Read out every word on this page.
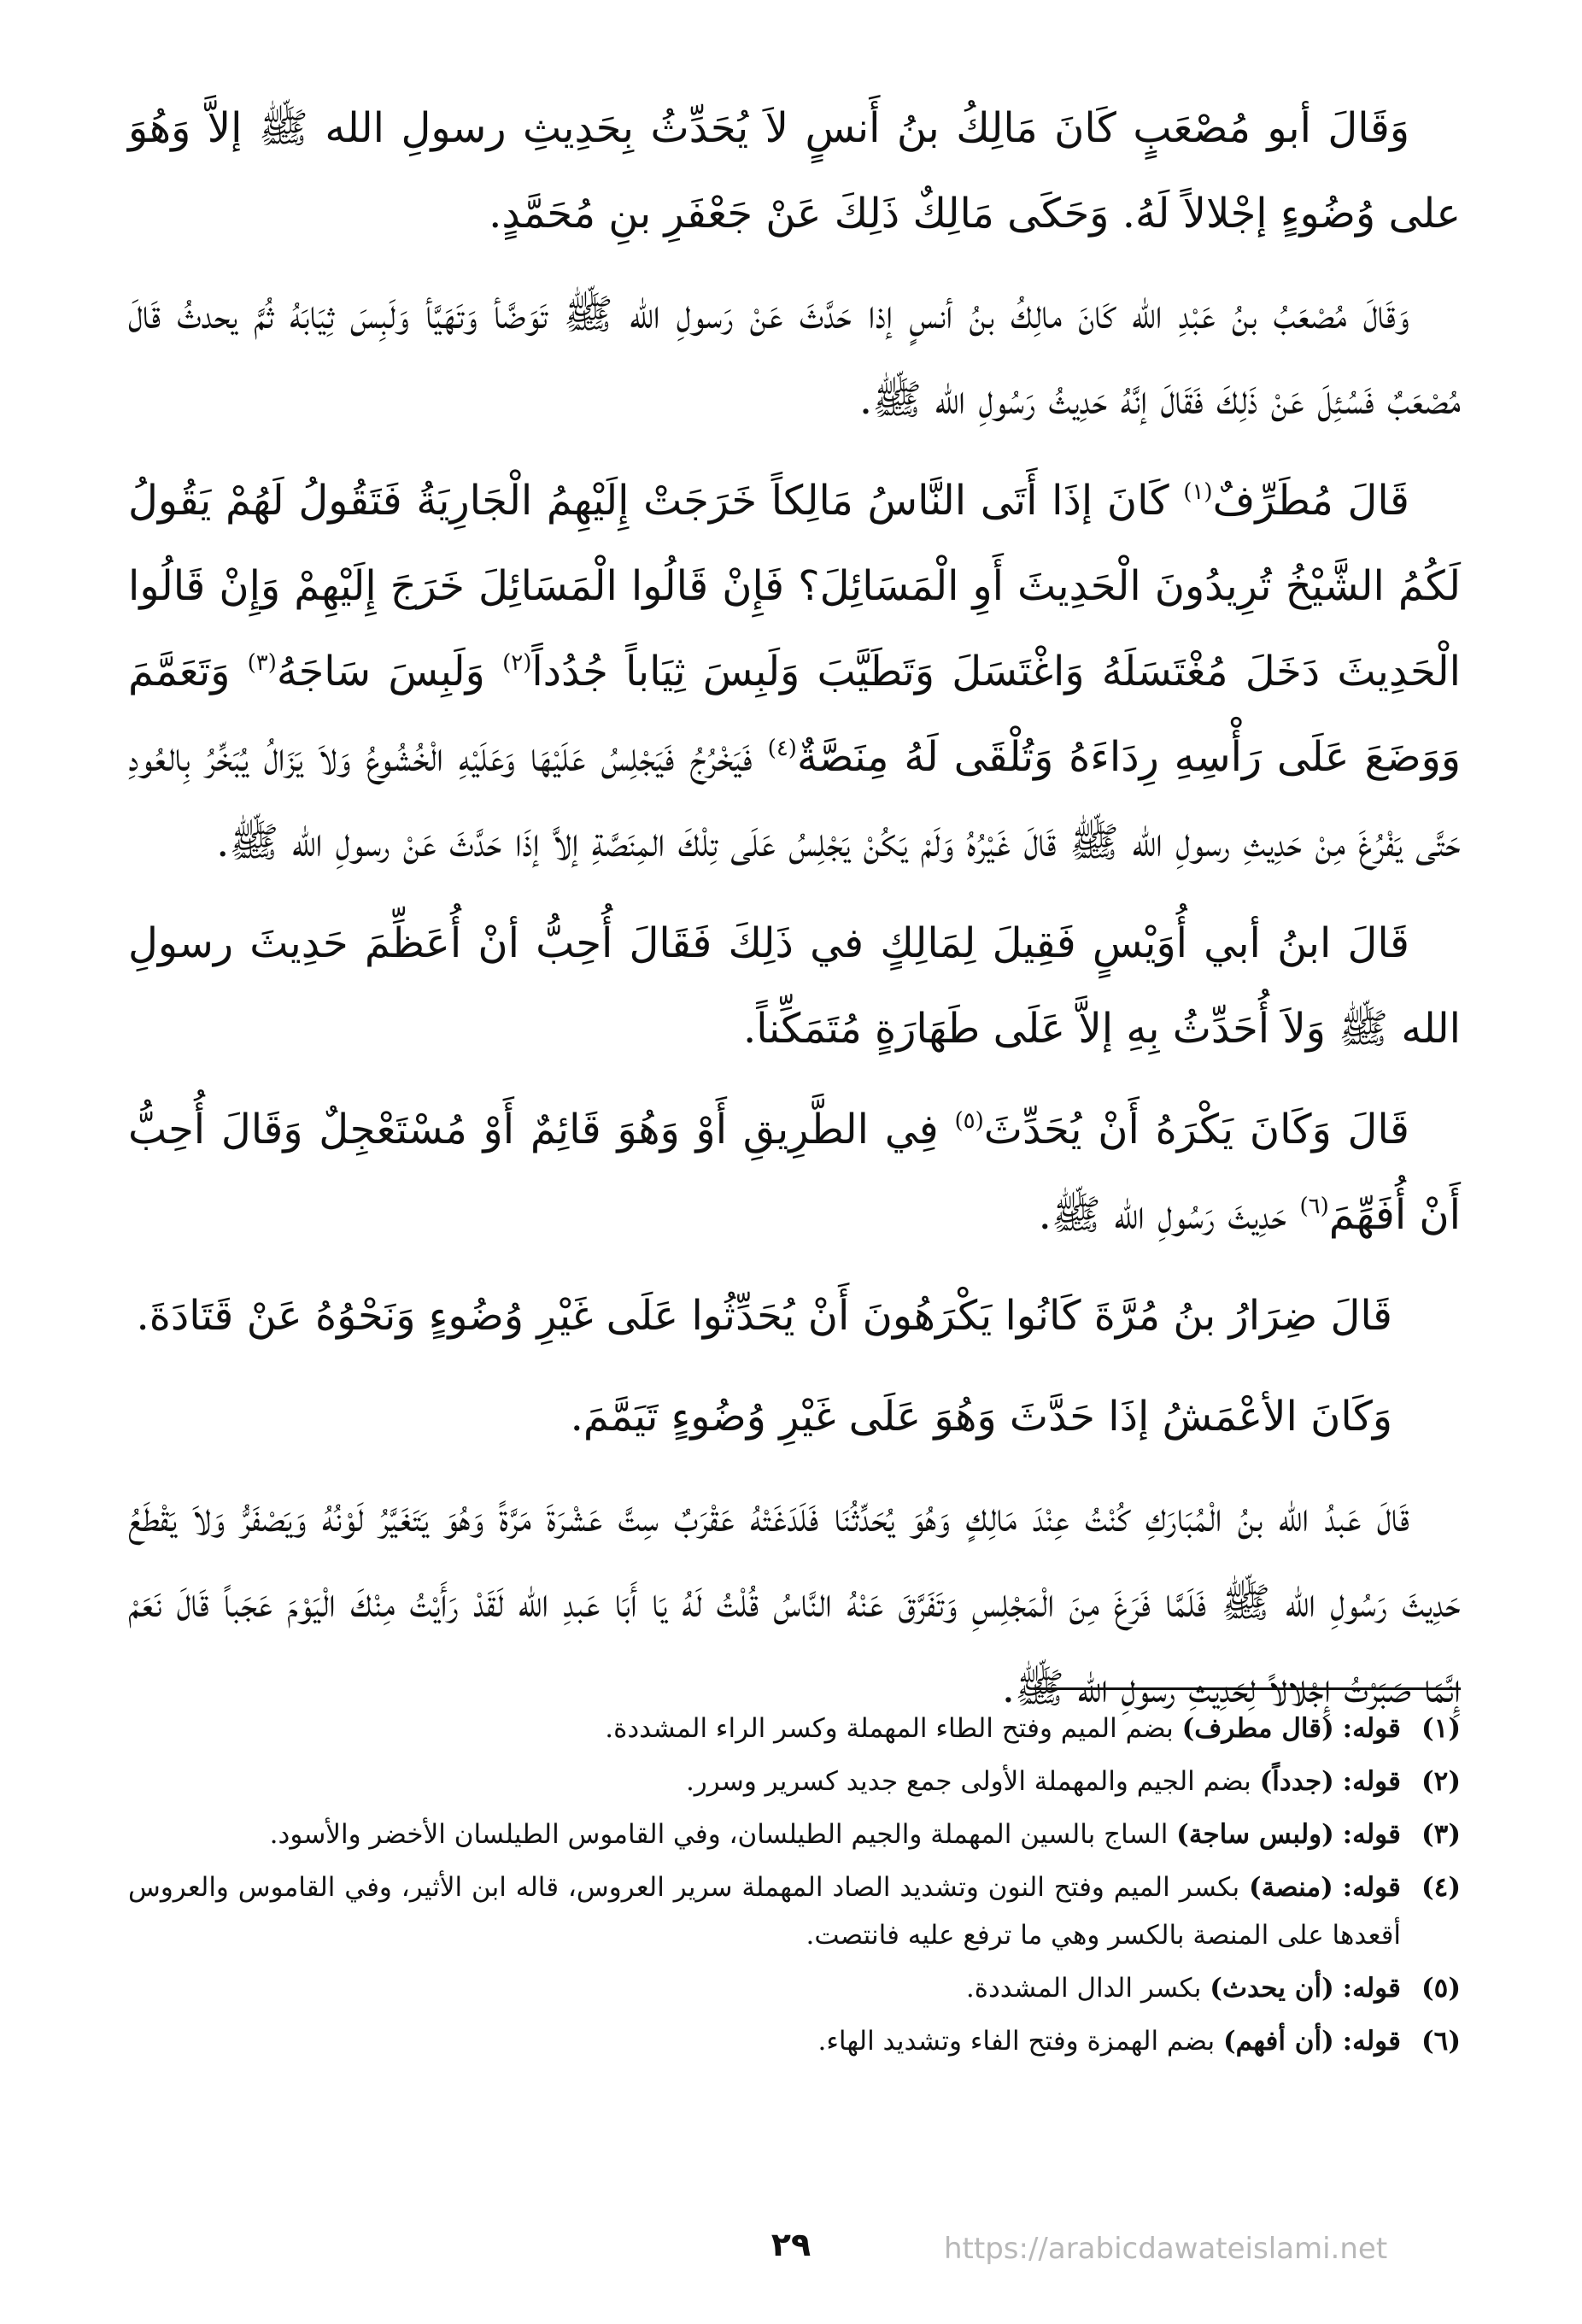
وَقَالَ أبو مُصْعَبٍ كَانَ مَالِكُ بنُ أَنسٍ لاَ يُحَدِّثُ بِحَدِيثِ رسولِ الله ﷺ إلاَّ وَهُوَ على وُضُوءٍ إجْلالاً لَهُ. وَحَكَى مَالِكٌ ذَلِكَ عَنْ جَعْفَرِ بنِ مُحَمَّدٍ.

وَقَالَ مُصْعَبُ بنُ عَبْدِ الله كَانَ مالِكُ بنُ أنسٍ إذا حَدَّثَ عَنْ رَسولِ الله ﷺ تَوَضَّأ وَتَهَيَّأ وَلَبِسَ ثِيَابَهُ ثُمَّ يحدثُ قَالَ مُصْعَبٌ فَسُئِلَ عَنْ ذَلِكَ فَقَالَ إنَّهُ حَدِيثُ رَسُولِ الله ﷺ.

قَالَ مُطَرِّفٌ$^{(١)}$ كَانَ إذَا أَتَى النَّاسُ مَالِكاً خَرَجَتْ إِلَيْهِمُ الْجَارِيَةُ فَتَقُولُ لَهُمْ يَقُولُ لَكُمُ الشَّيْخُ تُرِيدُونَ الْحَدِيثَ أَوِ الْمَسَائِلَ؟ فَإِنْ قَالُوا الْمَسَائِلَ خَرَجَ إِلَيْهِمْ وَإِنْ قَالُوا الْحَدِيثَ دَخَلَ مُغْتَسَلَهُ وَاغْتَسَلَ وَتَطَيَّبَ وَلَبِسَ ثِيَاباً جُدُداً$^{(٢)}$ وَلَبِسَ سَاجَهُ$^{(٣)}$ وَتَعَمَّمَ وَوَضَعَ عَلَى رَأْسِهِ رِدَاءَهُ وَتُلْقَى لَهُ مِنَصَّةٌ$^{(٤)}$ فَيَخْرُجُ فَيَجْلِسُ عَلَيْهَا وَعَلَيْهِ الْخُشُوعُ وَلاَ يَزَالُ يُبَخِّرُ بِالعُودِ حَتَّى يَفْرُغَ مِنْ حَدِيثِ رسولِ الله ﷺ قَالَ غَيْرُهُ وَلَمْ يَكُنْ يَجْلِسُ عَلَى تِلْكَ المِنَصَّةِ إلاَّ إذَا حَدَّثَ عَنْ رسولِ الله ﷺ.

قَالَ ابنُ أبي أُوَيْسٍ فَقِيلَ لِمَالِكٍ في ذَلِكَ فَقَالَ أُحِبُّ أنْ أُعَظِّمَ حَدِيثَ رسولِ الله ﷺ وَلاَ أُحَدِّثُ بِهِ إلاَّ عَلَى طَهَارَةٍ مُتَمَكِّناً.

قَالَ وَكَانَ يَكْرَهُ أَنْ يُحَدِّثَ$^{(٥)}$ فِي الطَّرِيقِ أَوْ وَهُوَ قَائِمٌ أَوْ مُسْتَعْجِلٌ وَقَالَ أُحِبُّ أَنْ أُفَهِّمَ$^{(٦)}$ حَدِيثَ رَسُولِ الله ﷺ.

قَالَ ضِرَارُ بنُ مُرَّةَ كَانُوا يَكْرَهُونَ أَنْ يُحَدِّثُوا عَلَى غَيْرِ وُضُوءٍ وَنَحْوُهُ عَنْ قَتَادَةَ.

وَكَانَ الأعْمَشُ إذَا حَدَّثَ وَهُوَ عَلَى غَيْرِ وُضُوءٍ تَيَمَّمَ.

قَالَ عَبدُ الله بنُ الْمُبَارَكِ كُنْتُ عِنْدَ مَالِكٍ وَهُوَ يُحَدِّثُنَا فَلَدَغَتْهُ عَقْرَبٌ سِتَّ عَشْرَةَ مَرَّةً وَهُوَ يَتَغَيَّرُ لَوْنُهُ وَيَصْفَرُّ وَلاَ يَقْطَعُ حَدِيثَ رَسُولِ الله ﷺ فَلَمَّا فَرَغَ مِنَ الْمَجْلِسِ وَتَفَرَّقَ عَنْهُ النَّاسُ قُلْتُ لَهُ يَا أَبَا عَبدِ الله لَقَدْ رَأَيْتُ مِنْكَ الْيَوْمَ عَجَباً قَالَ نَعَمْ إِنَّمَا صَبَرْتُ إِجْلالاً لِحَدِيثِ رسولِ الله ﷺ.

(١)
قوله: (قال مطرف) بضم الميم وفتح الطاء المهملة وكسر الراء المشددة.
(٢)
قوله: (جدداً) بضم الجيم والمهملة الأولى جمع جديد كسرير وسرر.
(٣)
قوله: (ولبس ساجة) الساج بالسين المهملة والجيم الطيلسان، وفي القاموس الطيلسان الأخضر والأسود.
(٤)
قوله: (منصة) بكسر الميم وفتح النون وتشديد الصاد المهملة سرير العروس، قاله ابن الأثير، وفي القاموس والعروس أقعدها على المنصة بالكسر وهي ما ترفع عليه فانتصت.
(٥)
قوله: (أن يحدث) بكسر الدال المشددة.
(٦)
قوله: (أن أفهم) بضم الهمزة وفتح الفاء وتشديد الهاء.
٢٩	https://arabicdawateislami.net
